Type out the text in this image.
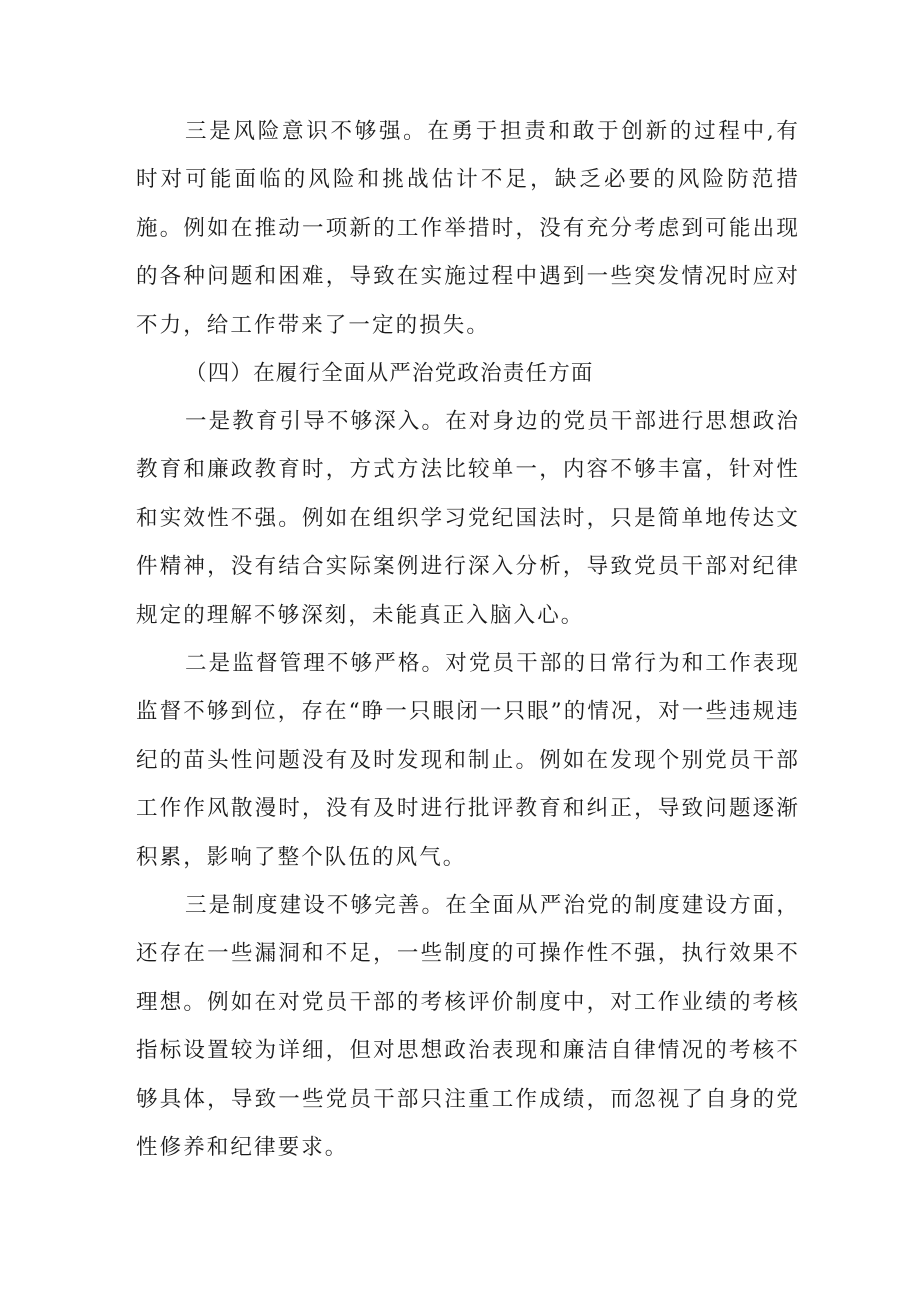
三是风险意识不够强。在勇于担责和敢于创新的过程中,有时对可能面临的风险和挑战估计不足，缺乏必要的风险防范措施。例如在推动一项新的工作举措时，没有充分考虑到可能出现的各种问题和困难，导致在实施过程中遇到一些突发情况时应对不力，给工作带来了一定的损失。

（四）在履行全面从严治党政治责任方面

一是教育引导不够深入。在对身边的党员干部进行思想政治教育和廉政教育时，方式方法比较单一，内容不够丰富，针对性和实效性不强。例如在组织学习党纪国法时，只是简单地传达文件精神，没有结合实际案例进行深入分析，导致党员干部对纪律规定的理解不够深刻，未能真正入脑入心。

二是监督管理不够严格。对党员干部的日常行为和工作表现监督不够到位，存在“睁一只眼闭一只眼”的情况，对一些违规违纪的苗头性问题没有及时发现和制止。例如在发现个别党员干部工作作风散漫时，没有及时进行批评教育和纠正，导致问题逐渐积累，影响了整个队伍的风气。

三是制度建设不够完善。在全面从严治党的制度建设方面，还存在一些漏洞和不足，一些制度的可操作性不强，执行效果不理想。例如在对党员干部的考核评价制度中，对工作业绩的考核指标设置较为详细，但对思想政治表现和廉洁自律情况的考核不够具体，导致一些党员干部只注重工作成绩，而忽视了自身的党性修养和纪律要求。
